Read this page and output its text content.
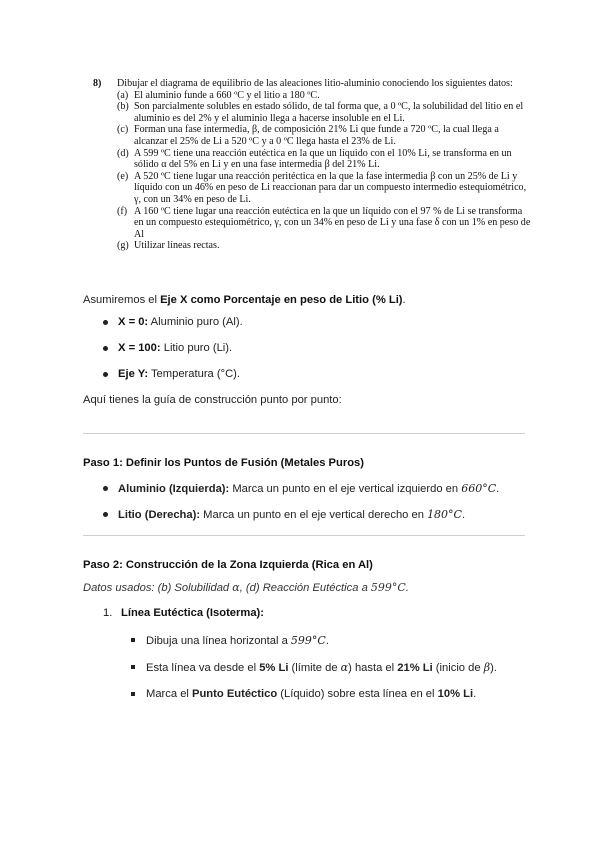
8)	Dibujar el diagrama de equilibrio de las aleaciones litio-aluminio conociendo los siguientes datos:
(a) El aluminio funde a 660 ºC y el litio a 180 ºC.
(b) Son parcialmente solubles en estado sólido, de tal forma que, a 0 ºC, la solubilidad del litio en el aluminio es del 2% y el aluminio llega a hacerse insoluble en el Li.
(c) Forman una fase intermedia, β, de composición 21% Li que funde a 720 ºC, la cual llega a alcanzar el 25% de Li a 520 ºC y a 0 ºC llega hasta el 23% de Li.
(d) A 599 ºC tiene una reacción eutéctica en la que un líquido con el 10% Li, se transforma en un sólido α del 5% en Li y en una fase intermedia β del 21% Li.
(e) A 520 ºC tiene lugar una reacción peritéctica en la que la fase intermedia β con un 25% de Li y líquido con un 46% en peso de Li reaccionan para dar un compuesto intermedio estequiométrico, γ, con un 34% en peso de Li.
(f) A 160 ºC tiene lugar una reacción eutéctica en la que un líquido con el 97 % de Li se transforma en un compuesto estequiométrico, γ, con un 34% en peso de Li y una fase δ con un 1% en peso de Al
(g) Utilizar líneas rectas.

Asumiremos el Eje X como Porcentaje en peso de Litio (% Li).

X = 0: Aluminio puro (Al).
X = 100: Litio puro (Li).
Eje Y: Temperatura (°C).

Aquí tienes la guía de construcción punto por punto:

Paso 1: Definir los Puntos de Fusión (Metales Puros)
Aluminio (Izquierda): Marca un punto en el eje vertical izquierdo en 660°C.
Litio (Derecha): Marca un punto en el eje vertical derecho en 180°C.
Paso 2: Construcción de la Zona Izquierda (Rica en Al)

Datos usados: (b) Solubilidad α, (d) Reacción Eutéctica a 599°C.

1. Línea Eutéctica (Isoterma):
Dibuja una línea horizontal a 599°C.
Esta línea va desde el 5% Li (límite de α) hasta el 21% Li (inicio de β).
Marca el Punto Eutéctico (Líquido) sobre esta línea en el 10% Li.
